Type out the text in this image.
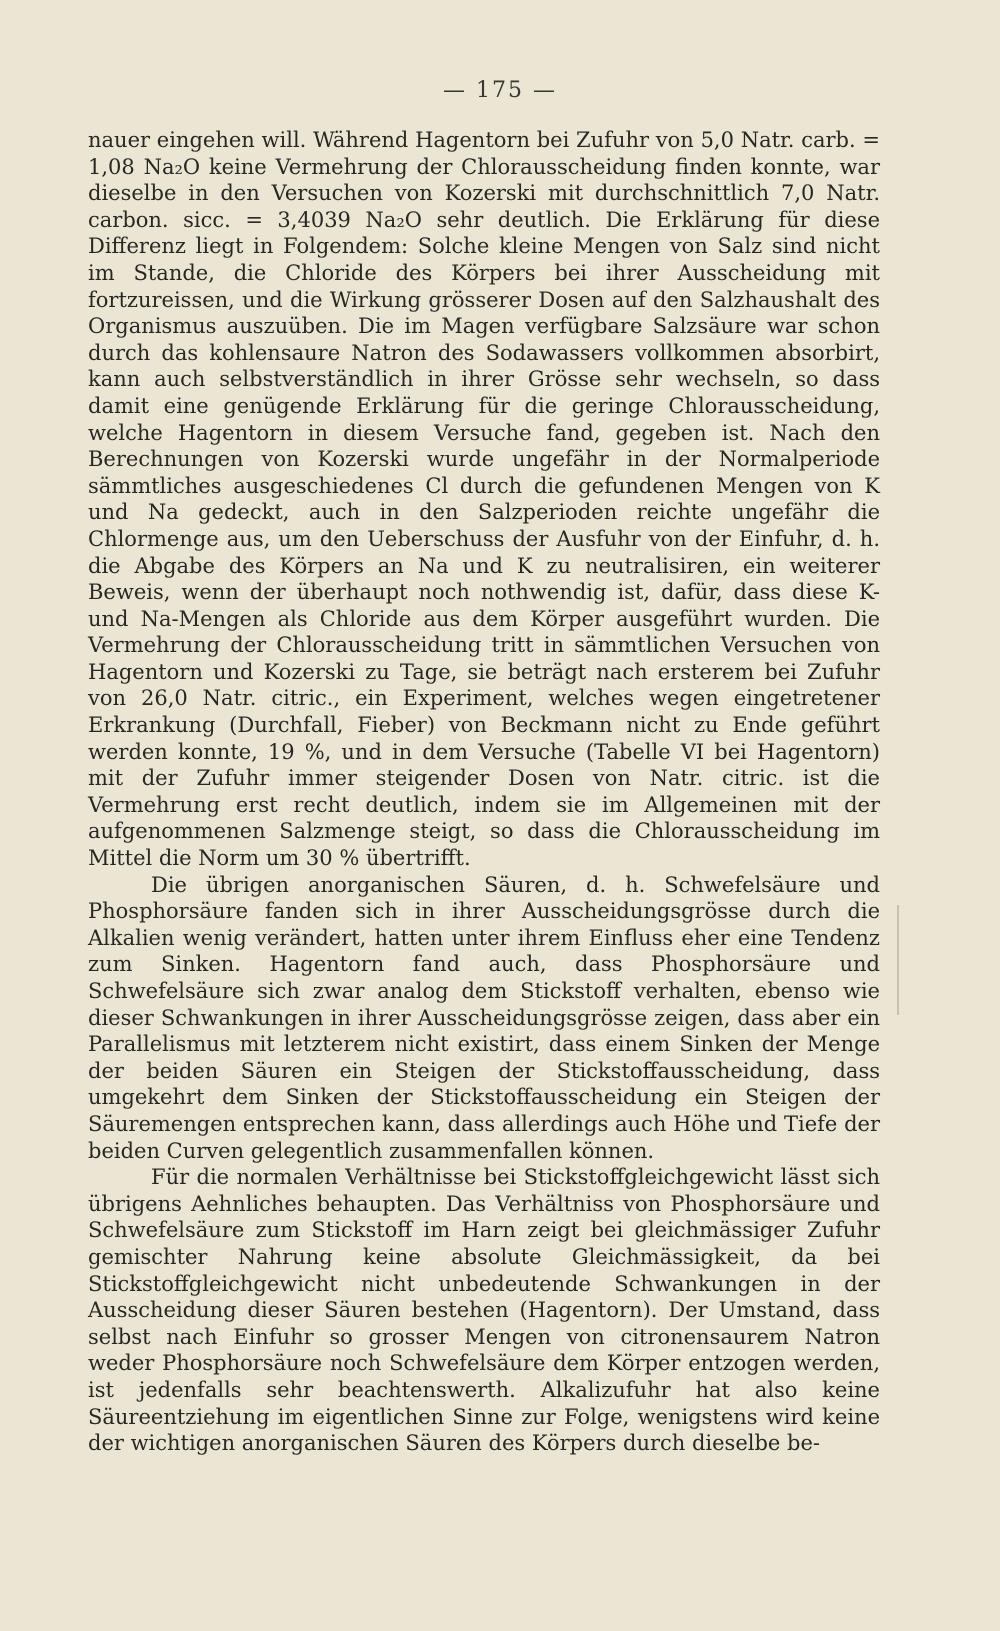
— 175 —

nauer eingehen will. Während Hagentorn bei Zufuhr von 5,0 Natr. carb. = 1,08 Na₂O keine Vermehrung der Chlorausscheidung finden konnte, war dieselbe in den Versuchen von Kozerski mit durchschnittlich 7,0 Natr. carbon. sicc. = 3,4039 Na₂O sehr deutlich. Die Erklärung für diese Differenz liegt in Folgendem: Solche kleine Mengen von Salz sind nicht im Stande, die Chloride des Körpers bei ihrer Ausscheidung mit fortzureissen, und die Wirkung grösserer Dosen auf den Salzhaushalt des Organismus auszuüben. Die im Magen verfügbare Salzsäure war schon durch das kohlensaure Natron des Sodawassers vollkommen absorbirt, kann auch selbstverständlich in ihrer Grösse sehr wechseln, so dass damit eine genügende Erklärung für die geringe Chlorausscheidung, welche Hagentorn in diesem Versuche fand, gegeben ist. Nach den Berechnungen von Kozerski wurde ungefähr in der Normalperiode sämmtliches ausgeschiedenes Cl durch die gefundenen Mengen von K und Na gedeckt, auch in den Salzperioden reichte ungefähr die Chlormenge aus, um den Ueberschuss der Ausfuhr von der Einfuhr, d. h. die Abgabe des Körpers an Na und K zu neutralisiren, ein weiterer Beweis, wenn der überhaupt noch nothwendig ist, dafür, dass diese K- und Na-Mengen als Chloride aus dem Körper ausgeführt wurden. Die Vermehrung der Chlorausscheidung tritt in sämmtlichen Versuchen von Hagentorn und Kozerski zu Tage, sie beträgt nach ersterem bei Zufuhr von 26,0 Natr. citric., ein Experiment, welches wegen eingetretener Erkrankung (Durchfall, Fieber) von Beckmann nicht zu Ende geführt werden konnte, 19 %, und in dem Versuche (Tabelle VI bei Hagentorn) mit der Zufuhr immer steigender Dosen von Natr. citric. ist die Vermehrung erst recht deutlich, indem sie im Allgemeinen mit der aufgenommenen Salzmenge steigt, so dass die Chlorausscheidung im Mittel die Norm um 30 % übertrifft.

Die übrigen anorganischen Säuren, d. h. Schwefelsäure und Phosphorsäure fanden sich in ihrer Ausscheidungsgrösse durch die Alkalien wenig verändert, hatten unter ihrem Einfluss eher eine Tendenz zum Sinken. Hagentorn fand auch, dass Phosphorsäure und Schwefelsäure sich zwar analog dem Stickstoff verhalten, ebenso wie dieser Schwankungen in ihrer Ausscheidungsgrösse zeigen, dass aber ein Parallelismus mit letzterem nicht existirt, dass einem Sinken der Menge der beiden Säuren ein Steigen der Stickstoffausscheidung, dass umgekehrt dem Sinken der Stickstoffausscheidung ein Steigen der Säuremengen entsprechen kann, dass allerdings auch Höhe und Tiefe der beiden Curven gelegentlich zusammenfallen können.

Für die normalen Verhältnisse bei Stickstoffgleichgewicht lässt sich übrigens Aehnliches behaupten. Das Verhältniss von Phosphorsäure und Schwefelsäure zum Stickstoff im Harn zeigt bei gleichmässiger Zufuhr gemischter Nahrung keine absolute Gleichmässigkeit, da bei Stickstoffgleichgewicht nicht unbedeutende Schwankungen in der Ausscheidung dieser Säuren bestehen (Hagentorn). Der Umstand, dass selbst nach Einfuhr so grosser Mengen von citronensaurem Natron weder Phosphorsäure noch Schwefelsäure dem Körper entzogen werden, ist jedenfalls sehr beachtenswerth. Alkalizufuhr hat also keine Säureentziehung im eigentlichen Sinne zur Folge, wenigstens wird keine der wichtigen anorganischen Säuren des Körpers durch dieselbe be-
